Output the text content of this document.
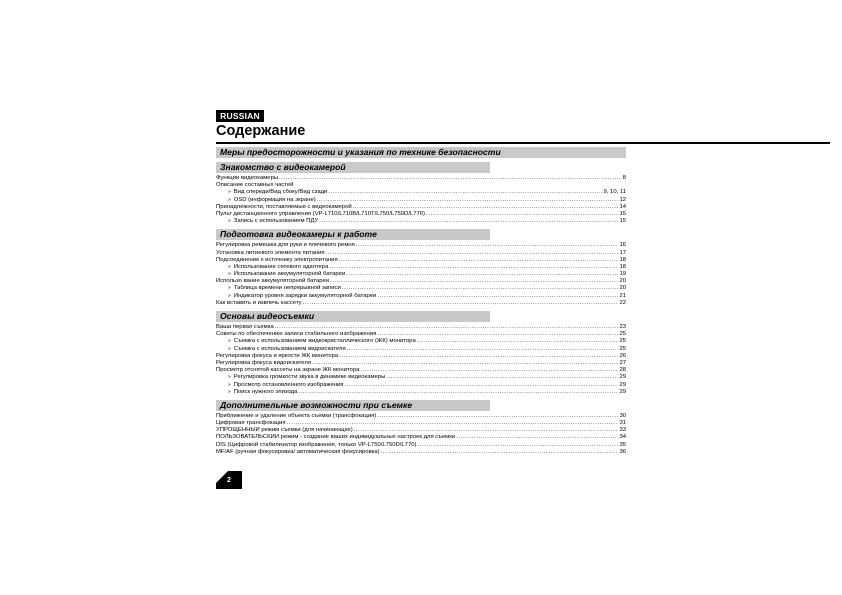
RUSSIAN
Содержание
Меры предосторожности и указания по технике безопасности
Знакомство с видеокамерой
Функции видеокамеры .....	8
Описание составных частей
» Вид спереди/Вид сбоку/Вид сзади .....	9, 10, 11
» OSD (информация на экране) .....	12
Принадлежности, поставляемые с видеокамерой .....	14
Пульт дистанционного управления (VP-L710/L710B/L710T/L750/L750D/L770) .....	15
» Запись с использованием ПДУ .....	15
Подготовка видеокамеры к работе
Регулировка ремешка для руки и плечевого ремня .....	16
Установка литиевого элемента питания .....	17
Подсоединение к источнику электропитания .....	18
» Использование сетевого адаптера .....	18
» Использование аккумуляторной батареи .....	19
Использо вание аккумуляторной батареи .....	20
» Таблица времени непрерывной записи .....	20
» Индикатор уровня зарядки аккумуляторной батареи .....	21
Как вставить и извлечь кассету .....	22
Основы видеосъемки
Ваша первая съемка .....	23
Советы по обеспечению записи стабильного изображения .....	25
» Съемка с использованием жидкокристаллического (ЖК) монитора .....	25
» Съемка с использованием видоискателя .....	25
Регулировка фокуса и яркости ЖК монитора .....	26
Регулировка фокуса видоискателя .....	27
Просмотр отснятой кассеты на экране ЖК монитора .....	28
» Регулировка громкости звука в динамике видеокамеры .....	29
» Просмотр остановленного изображения .....	29
» Поиск нужного эпизода .....	29
Дополнительные возможности при съемке
Приближение и удаление объекта съемки (трансфокация) .....	30
Цифровая трансфокация .....	31
УПРОЩЕННЫЙ режим съемки (для начинающих) .....	33
ПОЛЬЗОВАТЕЛЬСКИЙ режим - создание ваших индивидуальных настроек для съемки .....	34
DIS (Цифровой стабилизатор изображения, только VP-L750/L750D/L770) .....	35
MF/AF (ручная фокусировка/ автоматическая фокусировка) .....	36
2
